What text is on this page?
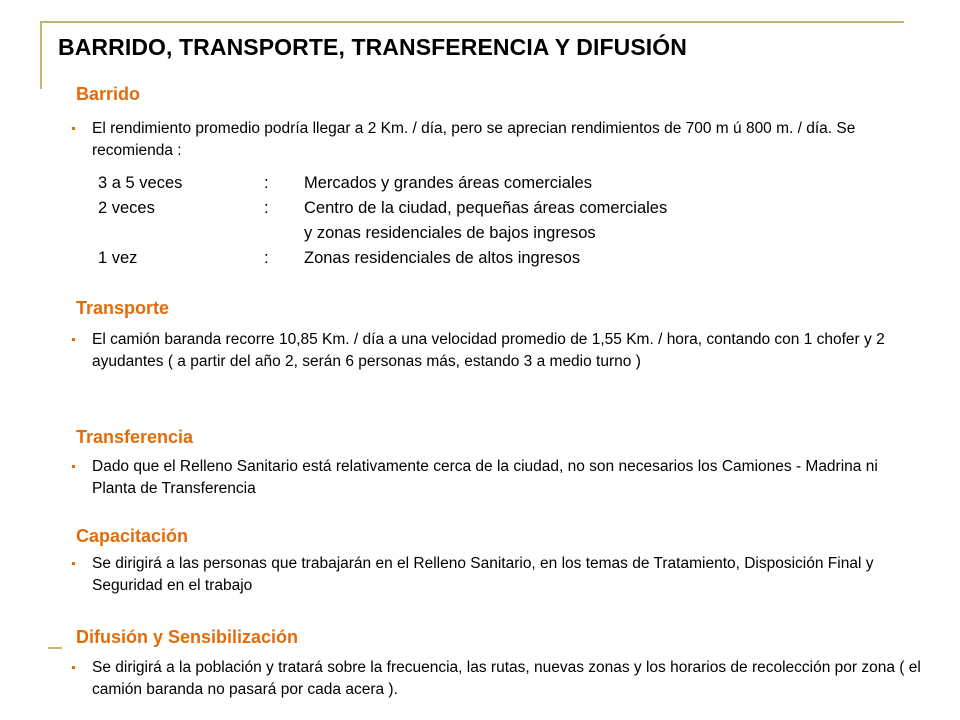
BARRIDO, TRANSPORTE, TRANSFERENCIA Y DIFUSIÓN
Barrido
El rendimiento promedio podría llegar a 2 Km. / día, pero se aprecian rendimientos de 700 m ú 800 m. / día. Se recomienda :
3 a 5 veces	: Mercados y grandes áreas comerciales
2 veces	: Centro de la ciudad, pequeñas áreas comerciales
y zonas residenciales de bajos ingresos
1 vez	: Zonas residenciales de altos ingresos
Transporte
El camión baranda recorre 10,85 Km. / día a una velocidad promedio de 1,55 Km. / hora, contando con 1 chofer y 2 ayudantes ( a partir del año 2, serán 6 personas más, estando 3 a medio turno )
Transferencia
Dado que el Relleno Sanitario está relativamente cerca de la ciudad, no son necesarios los Camiones - Madrina ni Planta de Transferencia
Capacitación
Se dirigirá a las personas que trabajarán en el Relleno Sanitario, en los temas de Tratamiento, Disposición Final y Seguridad en el trabajo
Difusión y Sensibilización
Se dirigirá a la población y tratará sobre la frecuencia, las rutas, nuevas zonas y los horarios de recolección por zona ( el camión baranda no pasará por cada acera ).
